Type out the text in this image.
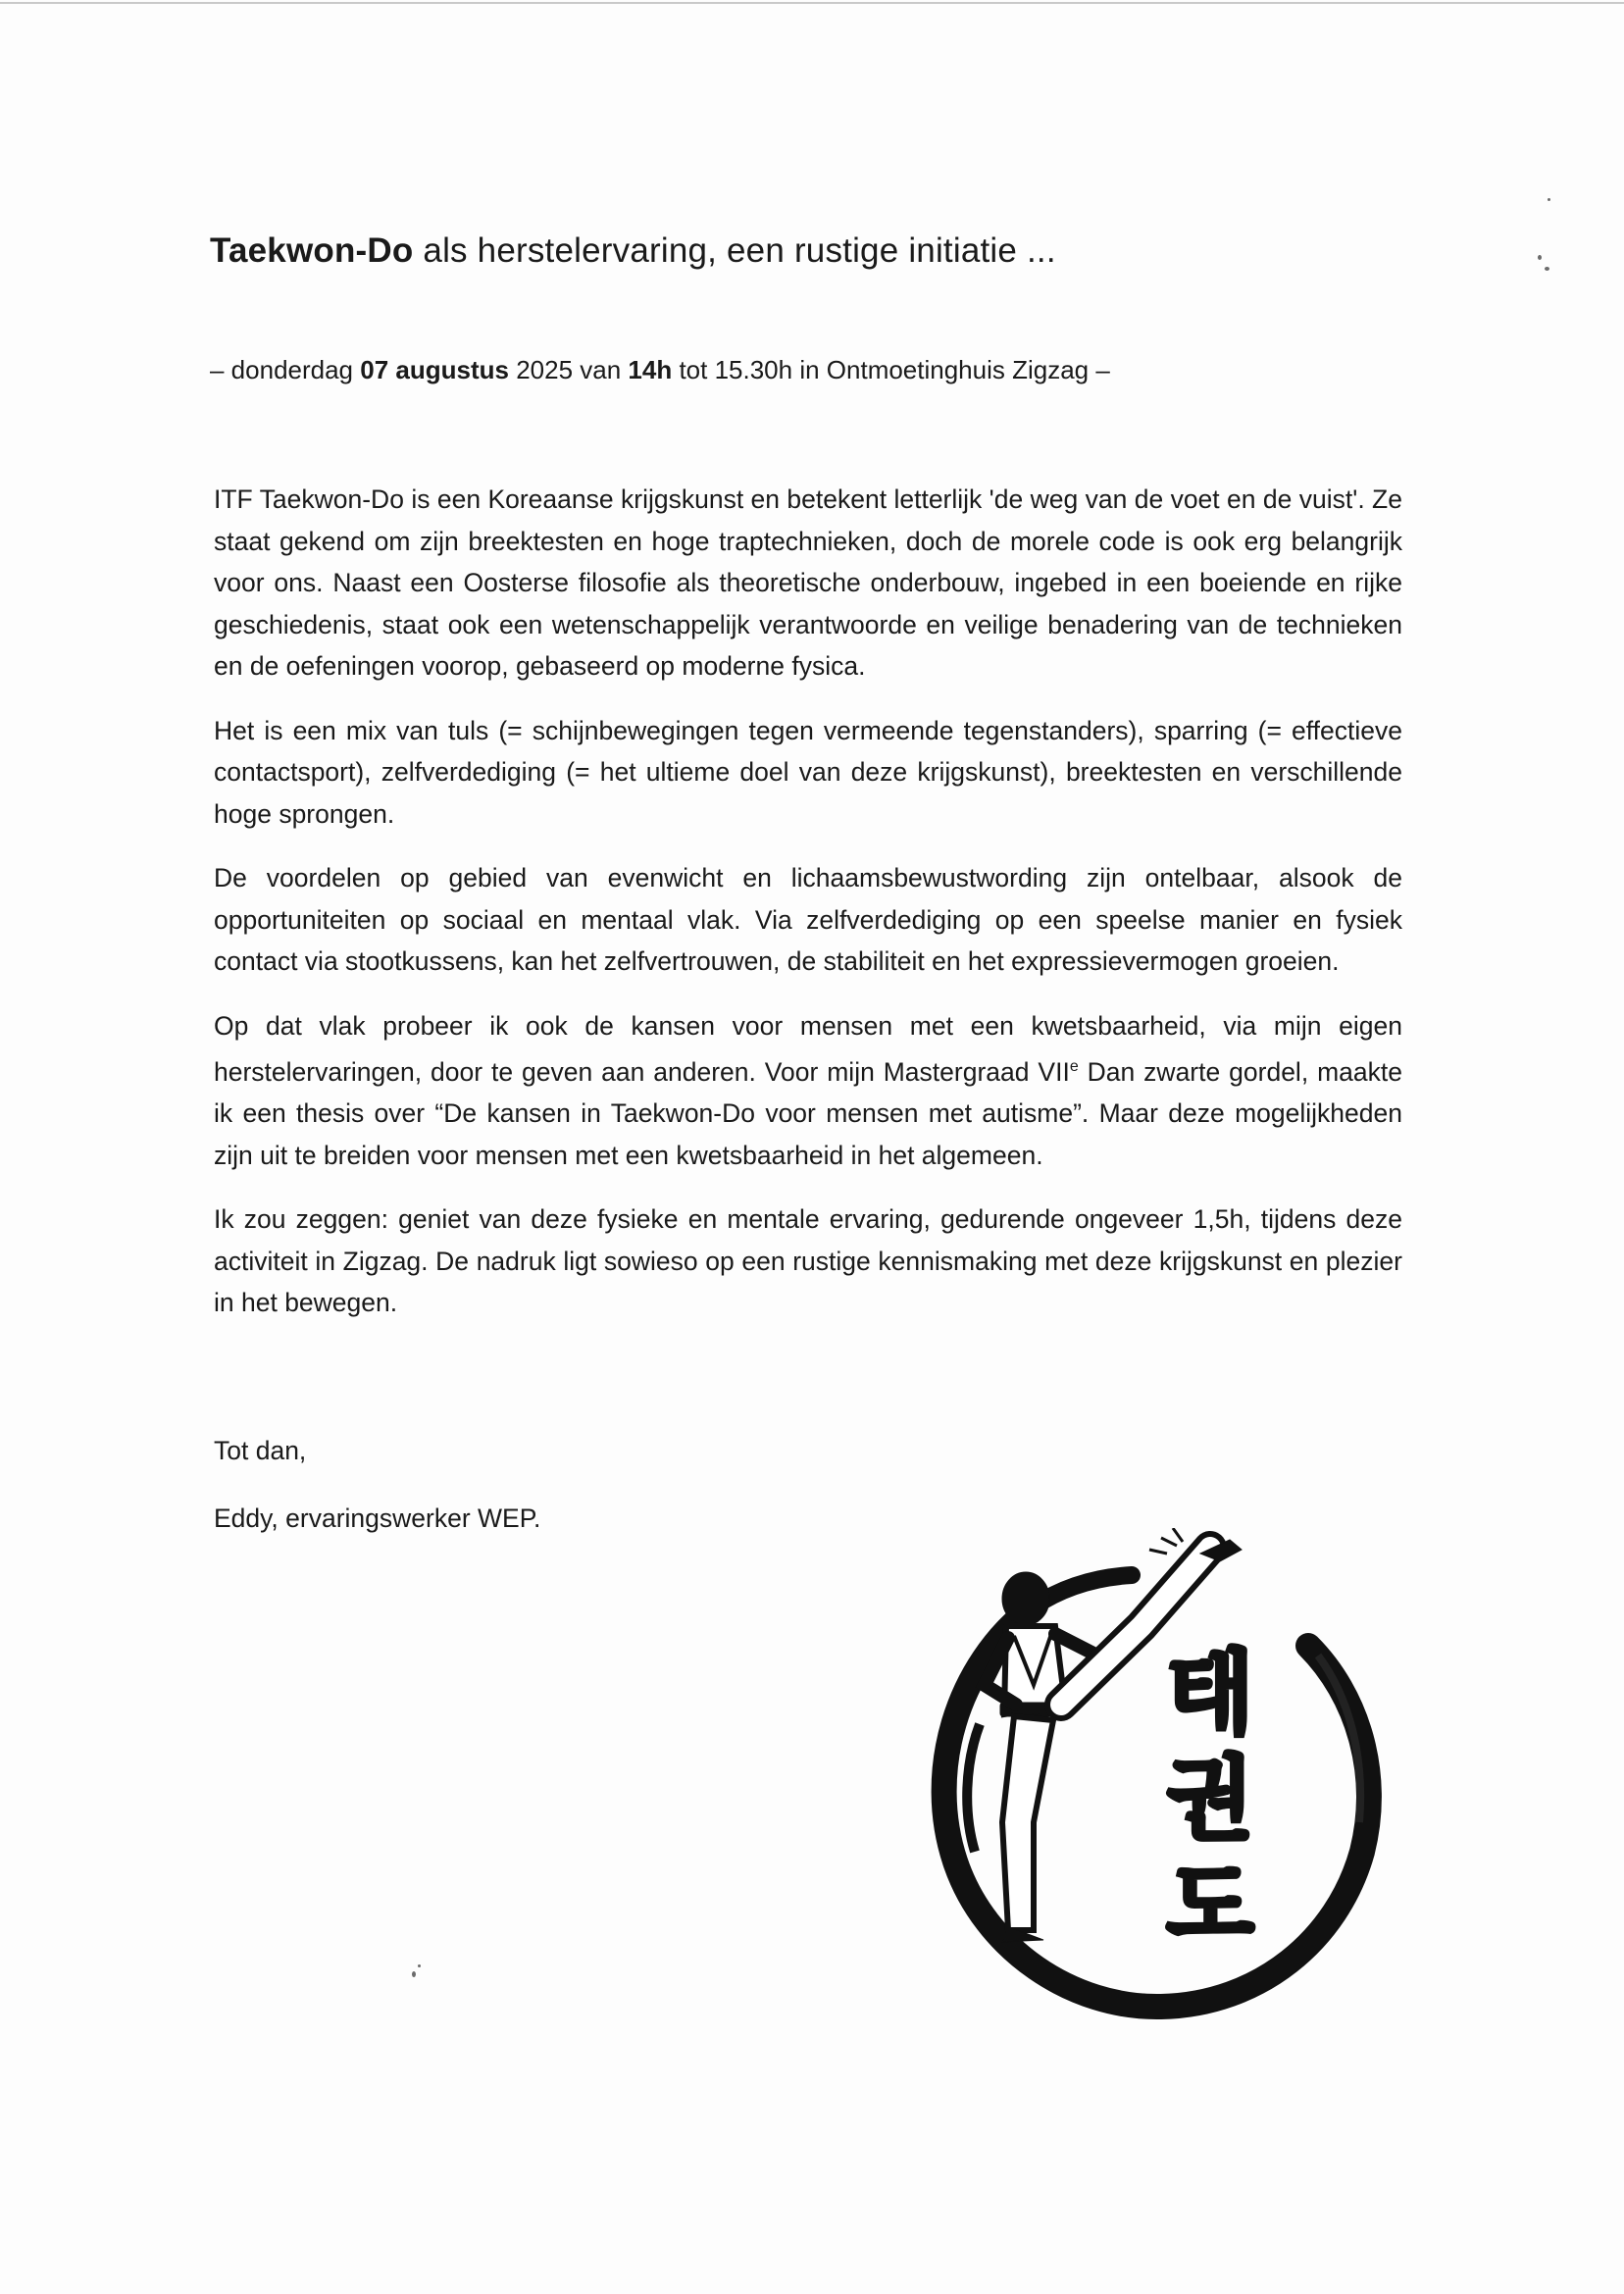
Taekwon-Do als herstelervaring, een rustige initiatie ...
– donderdag 07 augustus 2025 van 14h tot 15.30h in Ontmoetinghuis Zigzag –

ITF Taekwon-Do is een Koreaanse krijgskunst en betekent letterlijk 'de weg van de voet en de vuist'. Ze staat gekend om zijn breektesten en hoge traptechnieken, doch de morele code is ook erg belangrijk voor ons. Naast een Oosterse filosofie als theoretische onderbouw, ingebed in een boeiende en rijke geschiedenis, staat ook een wetenschappelijk verantwoorde en veilige benadering van de technieken en de oefeningen voorop, gebaseerd op moderne fysica.

Het is een mix van tuls (= schijnbewegingen tegen vermeende tegenstanders), sparring (= effectieve contactsport), zelfverdediging (= het ultieme doel van deze krijgskunst), breektesten en verschillende hoge sprongen.

De voordelen op gebied van evenwicht en lichaamsbewustwording zijn ontelbaar, alsook de opportuniteiten op sociaal en mentaal vlak. Via zelfverdediging op een speelse manier en fysiek contact via stootkussens, kan het zelfvertrouwen, de stabiliteit en het expressievermogen groeien.

Op dat vlak probeer ik ook de kansen voor mensen met een kwetsbaarheid, via mijn eigen herstelervaringen, door te geven aan anderen. Voor mijn Mastergraad VIIe Dan zwarte gordel, maakte ik een thesis over “De kansen in Taekwon-Do voor mensen met autisme”. Maar deze mogelijkheden zijn uit te breiden voor mensen met een kwetsbaarheid in het algemeen.

Ik zou zeggen: geniet van deze fysieke en mentale ervaring, gedurende ongeveer 1,5h, tijdens deze activiteit in Zigzag. De nadruk ligt sowieso op een rustige kennismaking met deze krijgskunst en plezier in het bewegen.

Tot dan,

Eddy, ervaringswerker WEP.

태
권
도
